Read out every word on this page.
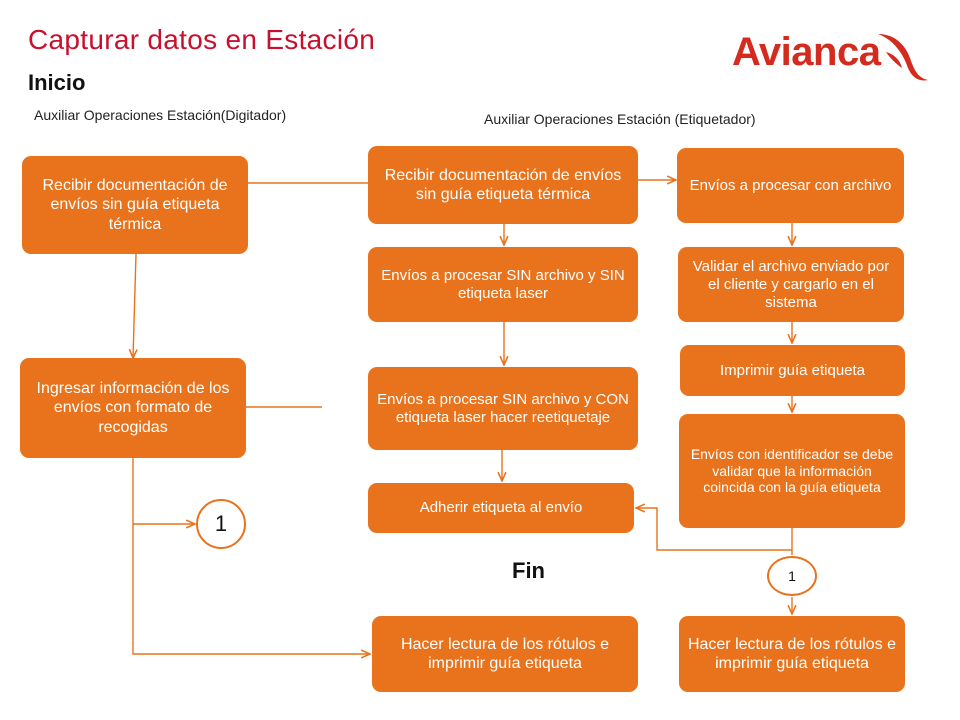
Capturar datos en Estación	Avianca
Inicio
Auxiliar Operaciones Estación(Digitador)	Auxiliar Operaciones Estación (Etiquetador)
Recibir documentación de envíos sin guía etiqueta térmica
Ingresar información de los envíos con formato de recogidas
Recibir documentación de envíos sin guía etiqueta térmica
Envíos a procesar SIN archivo y SIN etiqueta laser
Envíos a procesar SIN archivo y CON etiqueta laser hacer reetiquetaje
Adherir etiqueta al envío
Hacer lectura de los rótulos e imprimir guía etiqueta
Envíos a procesar con archivo
Validar el archivo enviado por el cliente y cargarlo en el sistema
Imprimir guía etiqueta
Envíos con identificador se debe validar que la información coincida con la guía etiqueta
Hacer lectura de los rótulos e imprimir guía etiqueta
1
1
Fin
